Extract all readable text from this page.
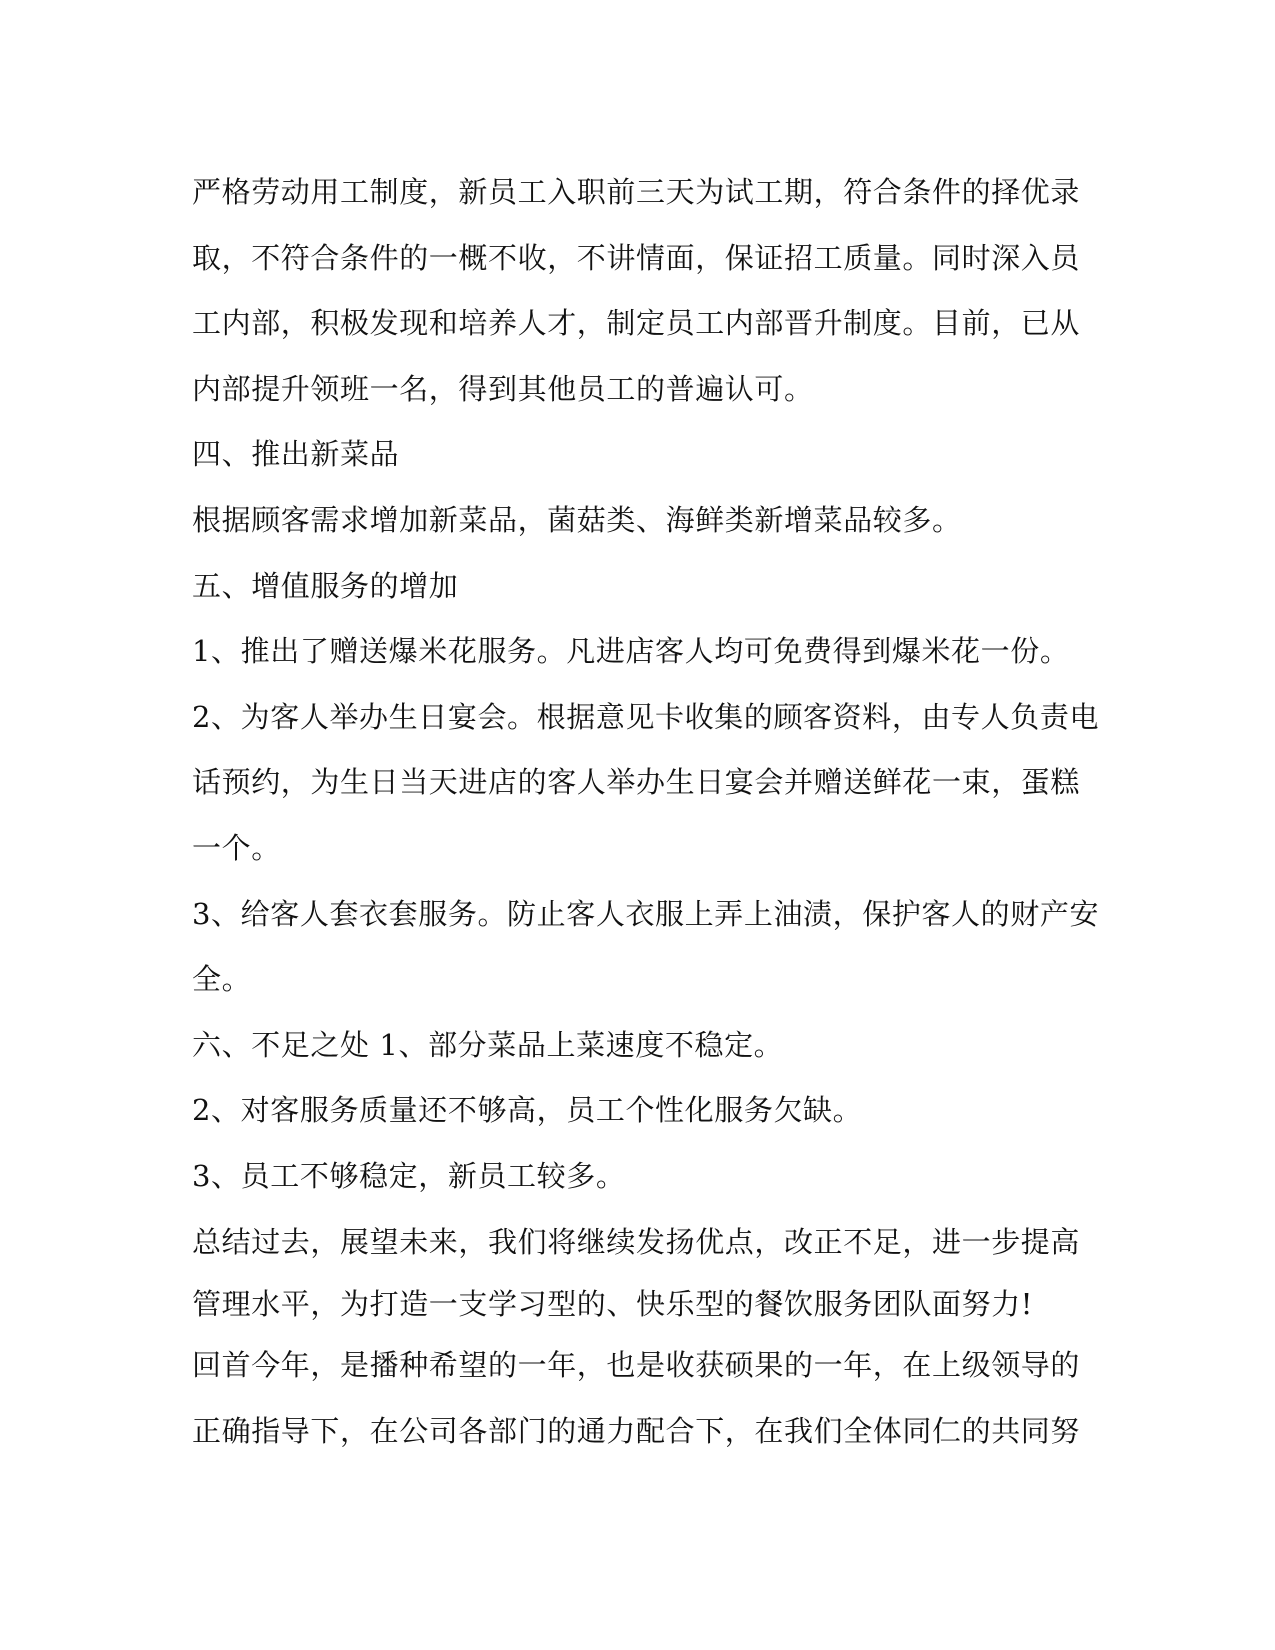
严格劳动用工制度，新员工入职前三天为试工期，符合条件的择优录
取，不符合条件的一概不收，不讲情面，保证招工质量。同时深入员
工内部，积极发现和培养人才，制定员工内部晋升制度。目前，已从
内部提升领班一名，得到其他员工的普遍认可。
四、推出新菜品
根据顾客需求增加新菜品，菌菇类、海鲜类新增菜品较多。
五、增值服务的增加
1、推出了赠送爆米花服务。凡进店客人均可免费得到爆米花一份。
2、为客人举办生日宴会。根据意见卡收集的顾客资料，由专人负责电
话预约，为生日当天进店的客人举办生日宴会并赠送鲜花一束，蛋糕
一个。
3、给客人套衣套服务。防止客人衣服上弄上油渍，保护客人的财产安
全。
六、不足之处 1、部分菜品上菜速度不稳定。
2、对客服务质量还不够高，员工个性化服务欠缺。
3、员工不够稳定，新员工较多。
总结过去，展望未来，我们将继续发扬优点，改正不足，进一步提高
管理水平，为打造一支学习型的、快乐型的餐饮服务团队面努力!
回首今年，是播种希望的一年，也是收获硕果的一年，在上级领导的
正确指导下，在公司各部门的通力配合下，在我们全体同仁的共同努
